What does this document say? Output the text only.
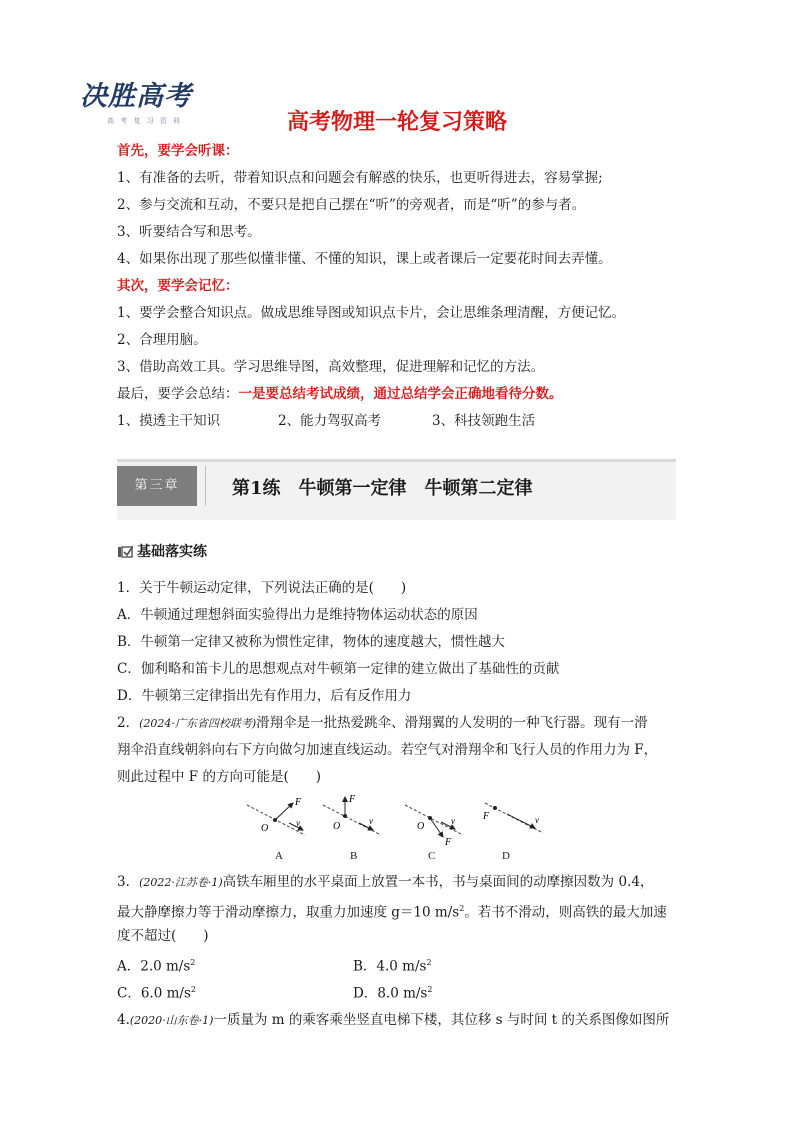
决胜高考
高 考 复 习 资 料	高考物理一轮复习策略
首先，要学会听课：
1、有准备的去听，带着知识点和问题会有解惑的快乐，也更听得进去，容易掌握;
2、参与交流和互动，不要只是把自己摆在“听”的旁观者，而是“听”的参与者。
3、听要结合写和思考。
4、如果你出现了那些似懂非懂、不懂的知识，课上或者课后一定要花时间去弄懂。
其次，要学会记忆：
1、要学会整合知识点。做成思维导图或知识点卡片，会让思维条理清醒，方便记忆。
2、合理用脑。
3、借助高效工具。学习思维导图，高效整理，促进理解和记忆的方法。
最后，要学会总结：一是要总结考试成绩，通过总结学会正确地看待分数。
1、摸透主干知识	2、能力驾驭高考	3、科技领跑生活
第三章	第1练　牛顿第一定律　牛顿第二定律
基础落实练
1．关于牛顿运动定律，下列说法正确的是(　　)
A．牛顿通过理想斜面实验得出力是维持物体运动状态的原因
B．牛顿第一定律又被称为惯性定律，物体的速度越大，惯性越大
C．伽利略和笛卡儿的思想观点对牛顿第一定律的建立做出了基础性的贡献
D．牛顿第三定律指出先有作用力，后有反作用力
2．(2024·广东省四校联考)滑翔伞是一批热爱跳伞、滑翔翼的人发明的一种飞行器。现有一滑
翔伞沿直线朝斜向右下方向做匀加速直线运动。若空气对滑翔伞和飞行人员的作用力为 F，
则此过程中 F 的方向可能是(　　)
O
F
v	O
F
v	O
F
v	F	v
A	B	C	D
3．(2022·江苏卷·1)高铁车厢里的水平桌面上放置一本书，书与桌面间的动摩擦因数为 0.4，
最大静摩擦力等于滑动摩擦力，取重力加速度 g＝10 $m/s^2$。若书不滑动，则高铁的最大加速
度不超过(　　)
A．2.0 $m/s^2$	B．4.0 $m/s^2$
C．6.0 $m/s^2$	D．8.0 $m/s^2$
4.(2020·山东卷·1)一质量为 m 的乘客乘坐竖直电梯下楼，其位移 s 与时间 t 的关系图像如图所
